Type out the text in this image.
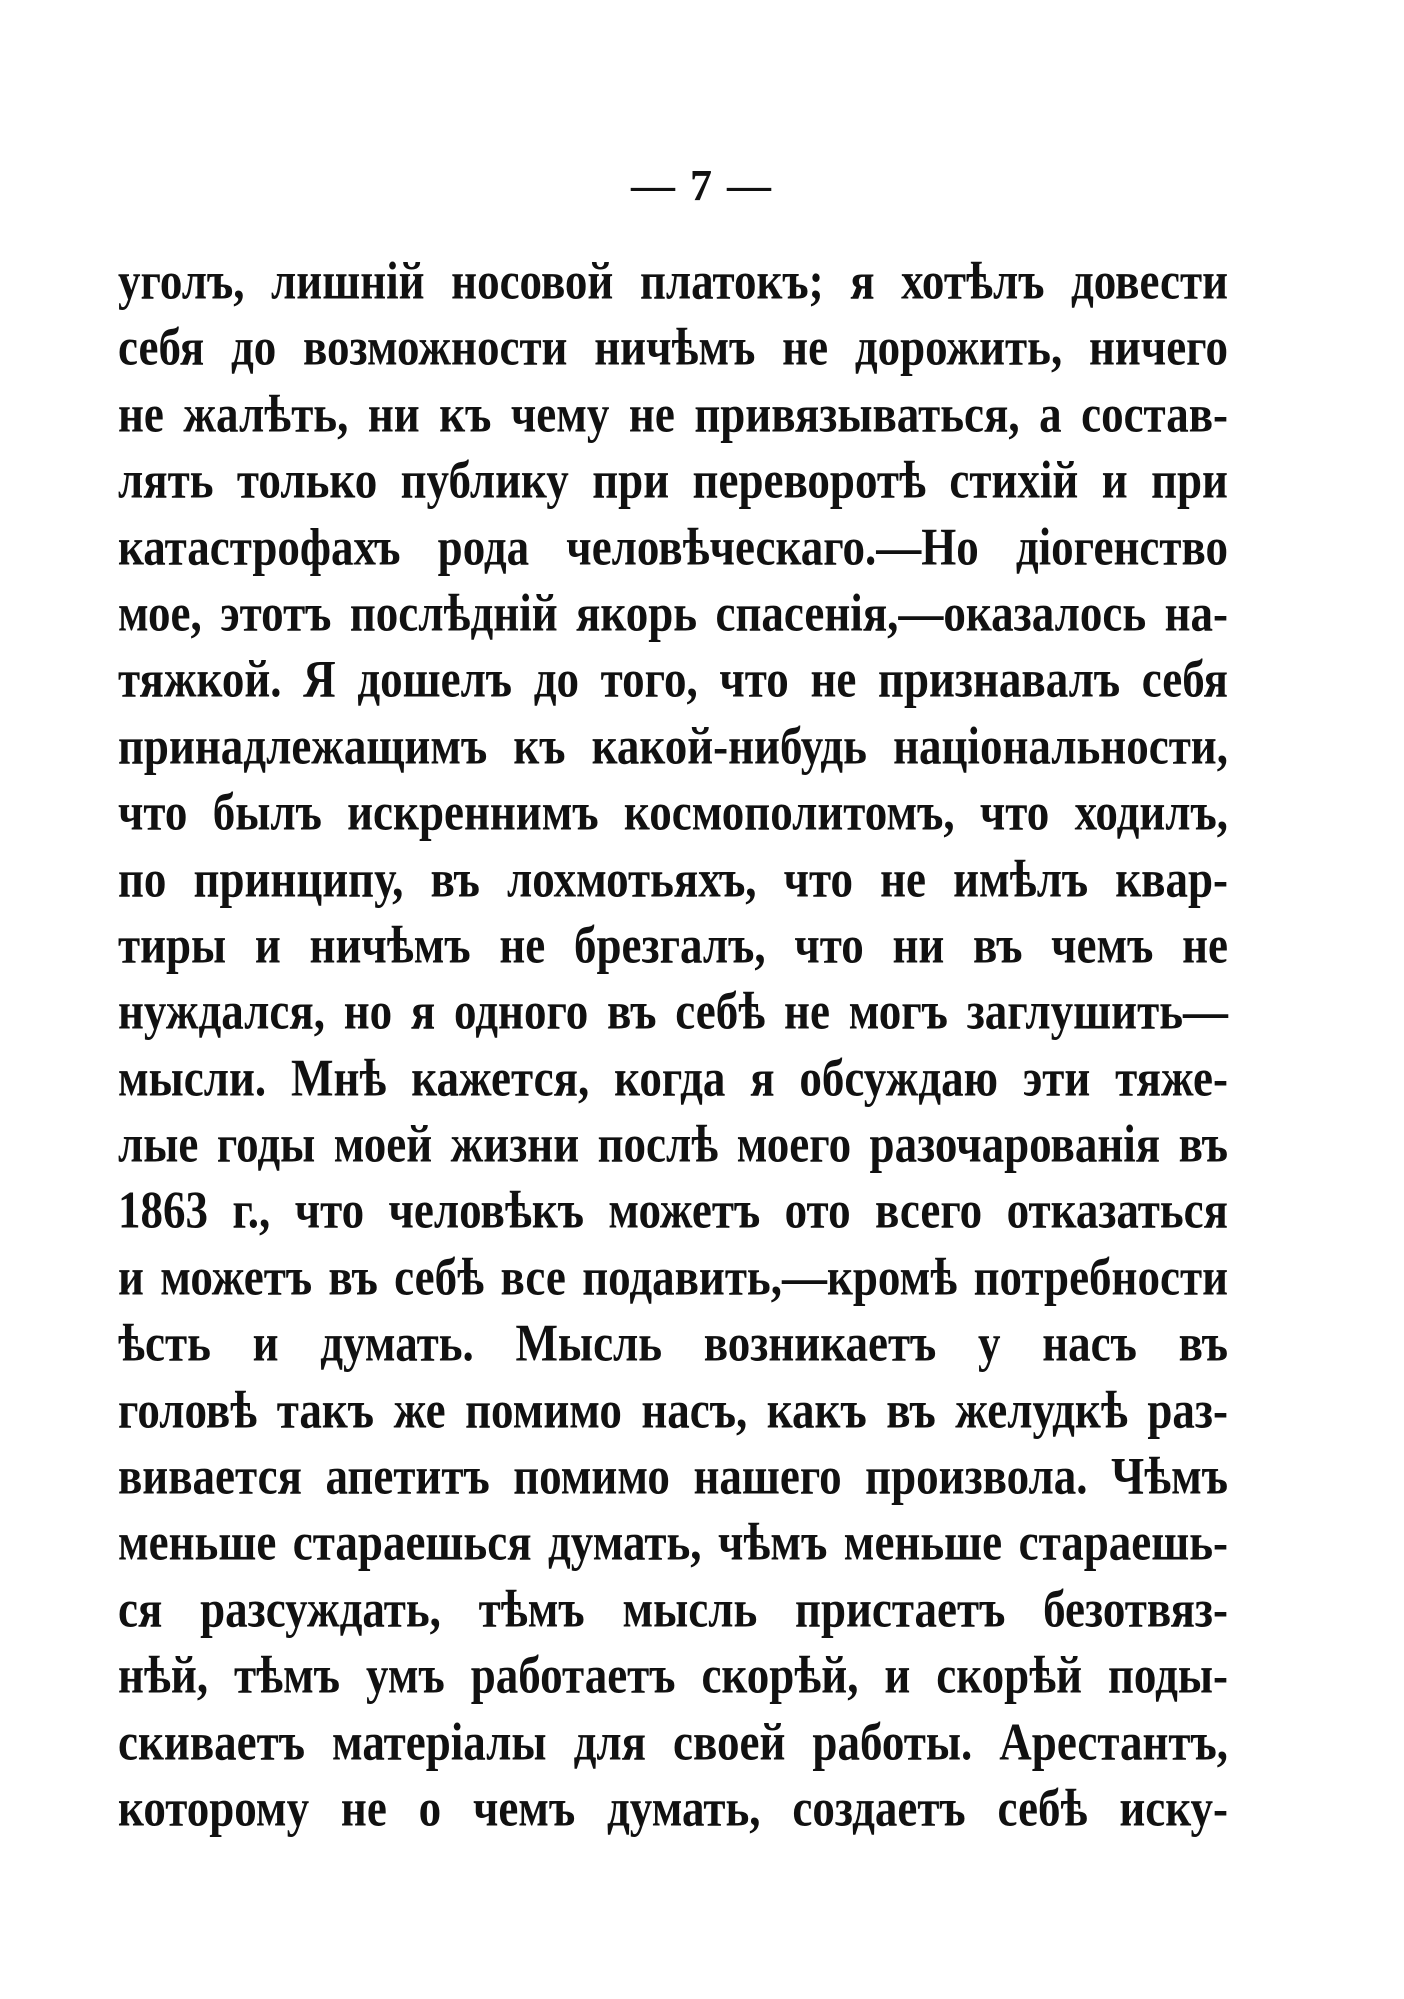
— 7 —
уголъ, лишній носовой платокъ; я хотѣлъ довести
себя до возможности ничѣмъ не дорожить, ничего
не жалѣть, ни къ чему не привязываться, а состав-
лять только публику при переворотѣ стихій и при
катастрофахъ рода человѣческаго.—Но діогенство
мое, этотъ послѣдній якорь спасенія,—оказалось на-
тяжкой. Я дошелъ до того, что не признавалъ себя
принадлежащимъ къ какой-нибудь національности,
что былъ искреннимъ космополитомъ, что ходилъ,
по принципу, въ лохмотьяхъ, что не имѣлъ квар-
тиры и ничѣмъ не брезгалъ, что ни въ чемъ не
нуждался, но я одного въ себѣ не могъ заглушить—
мысли. Мнѣ кажется, когда я обсуждаю эти тяже-
лые годы моей жизни послѣ моего разочарованія въ
1863 г., что человѣкъ можетъ ото всего отказаться
и можетъ въ себѣ все подавить,—кромѣ потребности
ѣсть и думать. Мысль возникаетъ у насъ въ
головѣ такъ же помимо насъ, какъ въ желудкѣ раз-
вивается апетитъ помимо нашего произвола. Чѣмъ
меньше стараешься думать, чѣмъ меньше стараешь-
ся разсуждать, тѣмъ мысль пристаетъ безотвяз-
нѣй, тѣмъ умъ работаетъ скорѣй, и скорѣй поды-
скиваетъ матеріалы для своей работы. Арестантъ,
которому не о чемъ думать, создаетъ себѣ иску-
